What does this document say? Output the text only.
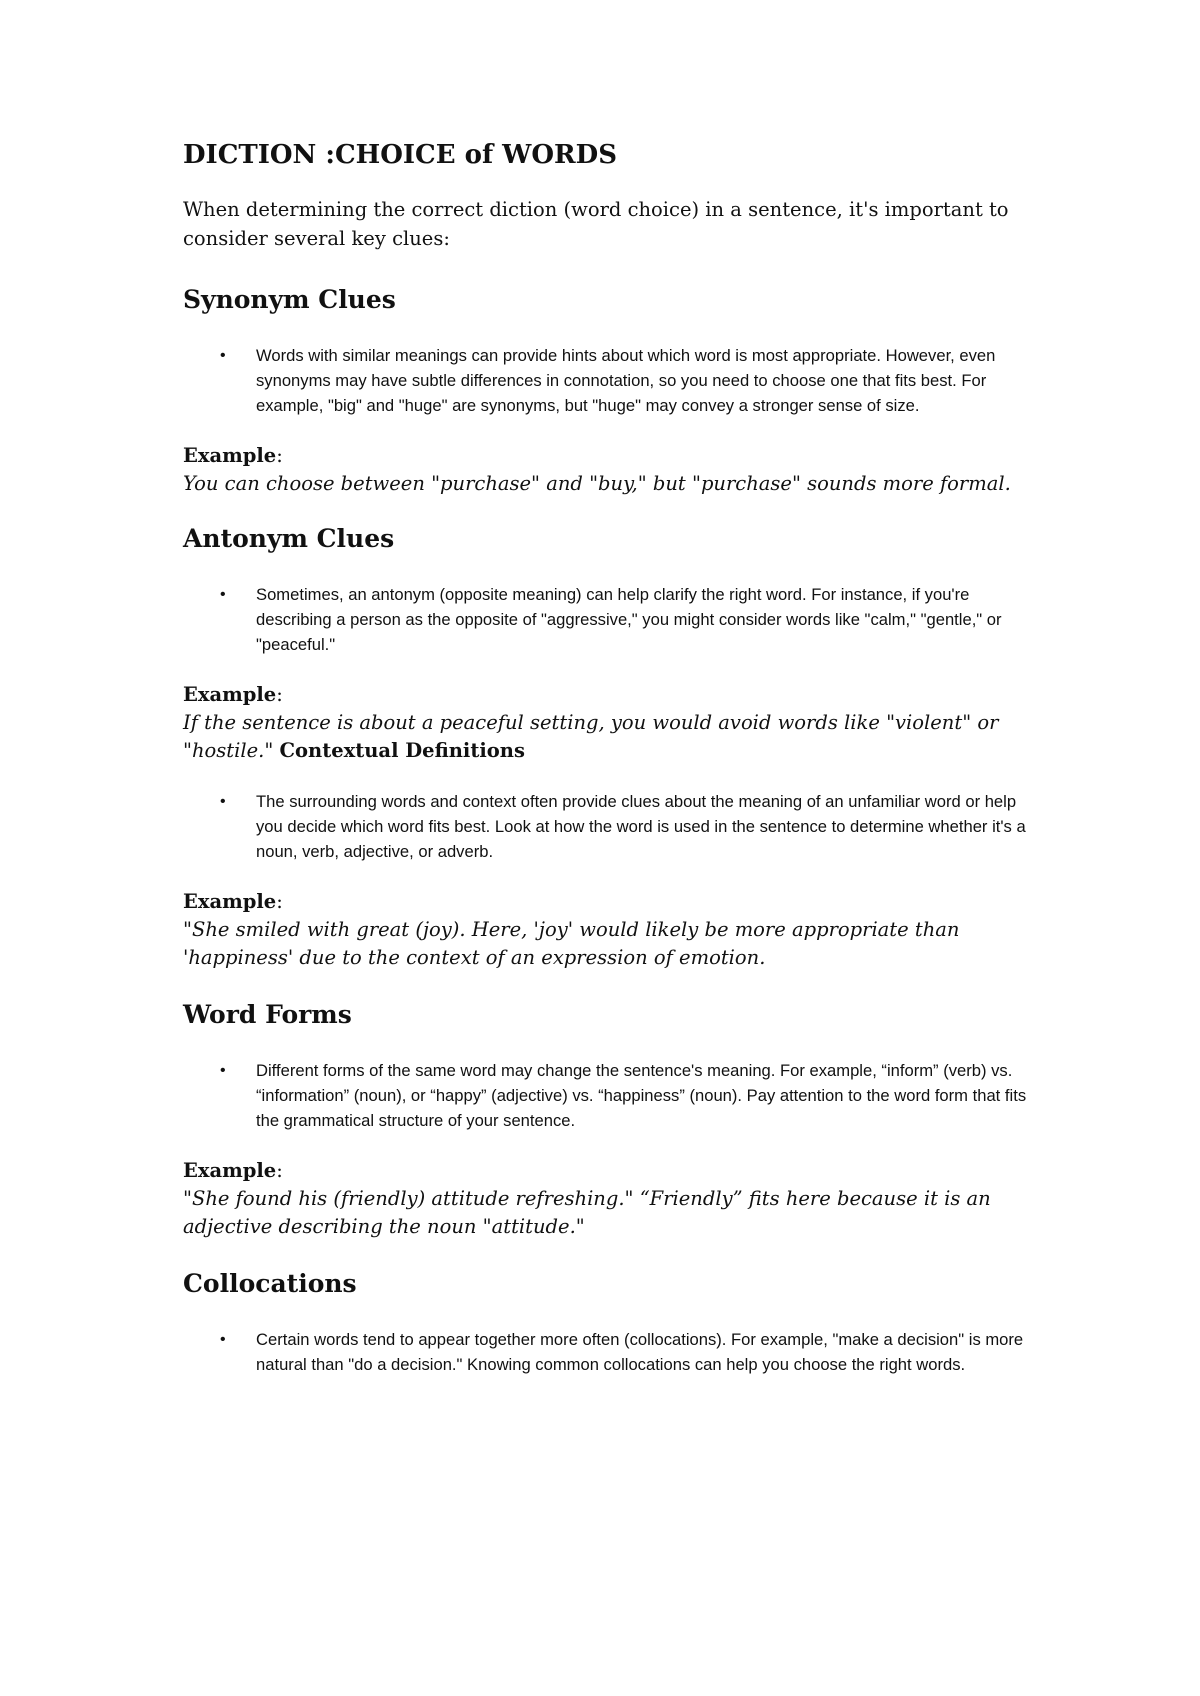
DICTION :CHOICE of WORDS

When determining the correct diction (word choice) in a sentence, it's important to consider several key clues:

Synonym Clues
• Words with similar meanings can provide hints about which word is most appropriate. However, even synonyms may have subtle differences in connotation, so you need to choose one that fits best. For example, "big" and "huge" are synonyms, but "huge" may convey a stronger sense of size.

Example:

You can choose between "purchase" and "buy," but "purchase" sounds more formal.

Antonym Clues
• Sometimes, an antonym (opposite meaning) can help clarify the right word. For instance, if you're describing a person as the opposite of "aggressive," you might consider words like "calm," "gentle," or "peaceful."

Example:

If the sentence is about a peaceful setting, you would avoid words like "violent" or "hostile." Contextual Definitions

• The surrounding words and context often provide clues about the meaning of an unfamiliar word or help you decide which word fits best. Look at how the word is used in the sentence to determine whether it's a noun, verb, adjective, or adverb.

Example:

"She smiled with great (joy). Here, 'joy' would likely be more appropriate than 'happiness' due to the context of an expression of emotion.

Word Forms
• Different forms of the same word may change the sentence's meaning. For example, “inform” (verb) vs. “information” (noun), or “happy” (adjective) vs. “happiness” (noun). Pay attention to the word form that fits the grammatical structure of your sentence.

Example:

"She found his (friendly) attitude refreshing." “Friendly” fits here because it is an adjective describing the noun "attitude."

Collocations
• Certain words tend to appear together more often (collocations). For example, "make a decision" is more natural than "do a decision." Knowing common collocations can help you choose the right words.
